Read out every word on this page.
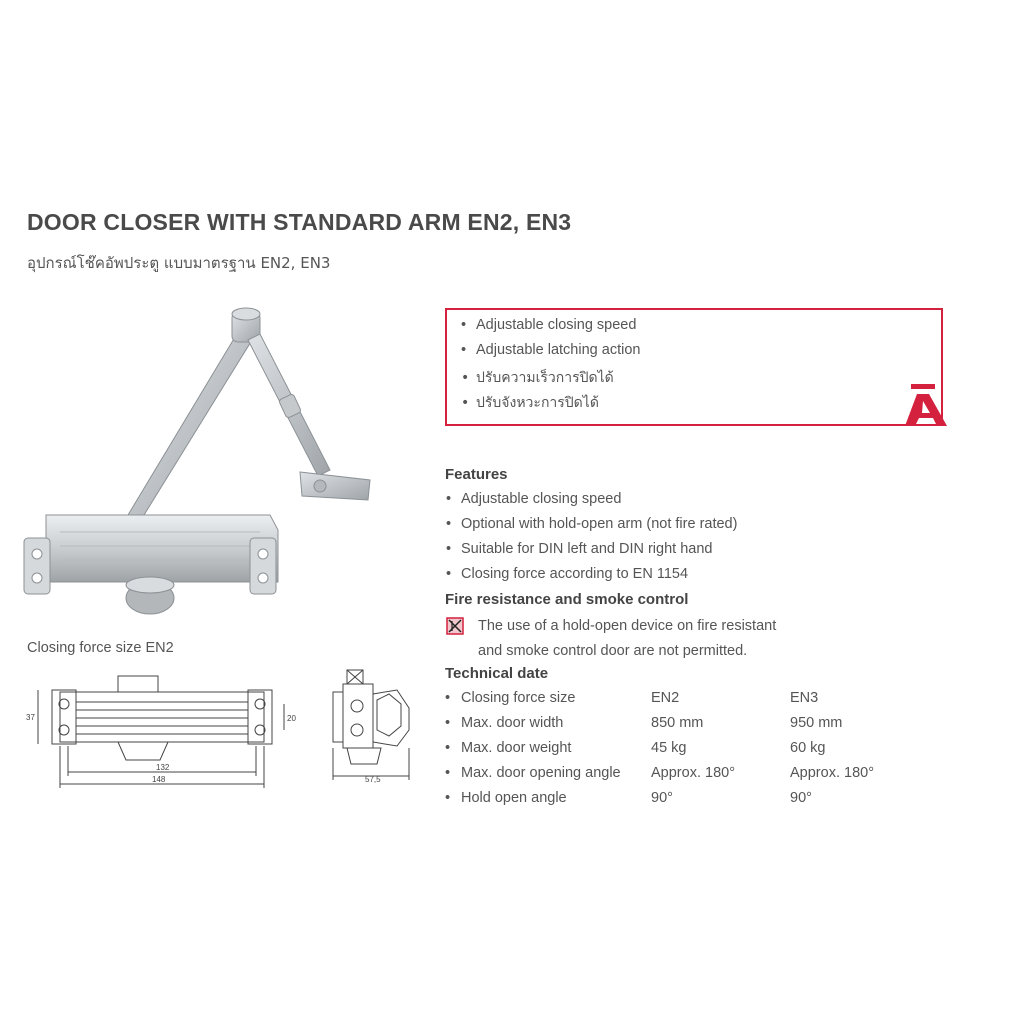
DOOR CLOSER WITH STANDARD ARM EN2, EN3
อุปกรณ์โช๊คอัพประตู แบบมาตรฐาน EN2, EN3
Closing force size EN2
37	20
132
148	57,5
• Adjustable closing speed
• Adjustable latching action
• ปรับความเร็วการปิดได้
• ปรับจังหวะการปิดได้
Features
• Adjustable closing speed
• Optional with hold-open arm (not fire rated)
• Suitable for DIN left and DIN right hand
• Closing force according to EN 1154
Fire resistance and smoke control
The use of a hold-open device on fire resistant
and smoke control door are not permitted.
Technical date
• Closing force size	EN2	EN3
• Max. door width	850 mm	950 mm
• Max. door weight	45 kg	60 kg
• Max. door opening angle Approx. 180°	Approx. 180°
• Hold open angle	90°	90°
